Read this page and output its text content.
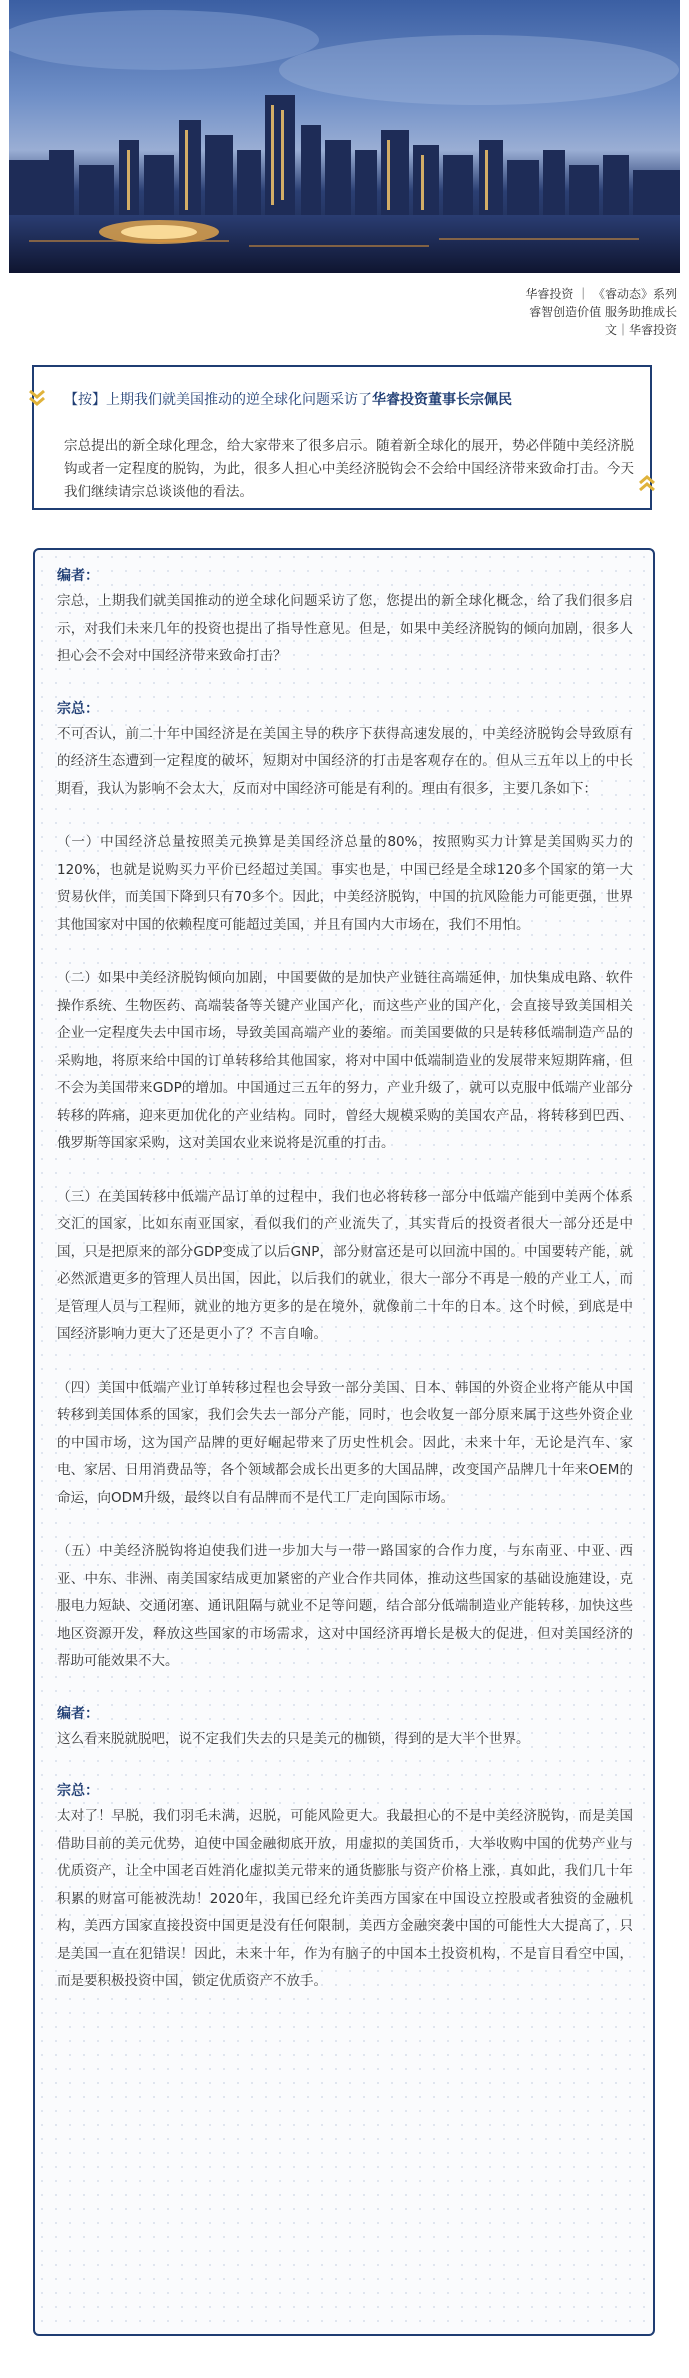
华睿投资 ｜ 《睿动态》系列
睿智创造价值 服务助推成长
文｜华睿投资
【按】上期我们就美国推动的逆全球化问题采访了华睿投资董事长宗佩民
宗总提出的新全球化理念，给大家带来了很多启示。随着新全球化的展开，势必伴随中美经济脱钩或者一定程度的脱钩，为此，很多人担心中美经济脱钩会不会给中国经济带来致命打击。今天我们继续请宗总谈谈他的看法。
编者：

宗总，上期我们就美国推动的逆全球化问题采访了您，您提出的新全球化概念，给了我们很多启示，对我们未来几年的投资也提出了指导性意见。但是，如果中美经济脱钩的倾向加剧，很多人担心会不会对中国经济带来致命打击？

宗总：

不可否认，前二十年中国经济是在美国主导的秩序下获得高速发展的，中美经济脱钩会导致原有的经济生态遭到一定程度的破坏，短期对中国经济的打击是客观存在的。但从三五年以上的中长期看，我认为影响不会太大，反而对中国经济可能是有利的。理由有很多，主要几条如下：

（一）中国经济总量按照美元换算是美国经济总量的80%，按照购买力计算是美国购买力的120%，也就是说购买力平价已经超过美国。事实也是，中国已经是全球120多个国家的第一大贸易伙伴，而美国下降到只有70多个。因此，中美经济脱钩，中国的抗风险能力可能更强，世界其他国家对中国的依赖程度可能超过美国，并且有国内大市场在，我们不用怕。

（二）如果中美经济脱钩倾向加剧，中国要做的是加快产业链往高端延伸，加快集成电路、软件操作系统、生物医药、高端装备等关键产业国产化，而这些产业的国产化，会直接导致美国相关企业一定程度失去中国市场，导致美国高端产业的萎缩。而美国要做的只是转移低端制造产品的采购地，将原来给中国的订单转移给其他国家，将对中国中低端制造业的发展带来短期阵痛，但不会为美国带来GDP的增加。中国通过三五年的努力，产业升级了，就可以克服中低端产业部分转移的阵痛，迎来更加优化的产业结构。同时，曾经大规模采购的美国农产品，将转移到巴西、俄罗斯等国家采购，这对美国农业来说将是沉重的打击。

（三）在美国转移中低端产品订单的过程中，我们也必将转移一部分中低端产能到中美两个体系交汇的国家，比如东南亚国家，看似我们的产业流失了，其实背后的投资者很大一部分还是中国，只是把原来的部分GDP变成了以后GNP，部分财富还是可以回流中国的。中国要转产能，就必然派遣更多的管理人员出国，因此，以后我们的就业，很大一部分不再是一般的产业工人，而是管理人员与工程师，就业的地方更多的是在境外，就像前二十年的日本。这个时候，到底是中国经济影响力更大了还是更小了？不言自喻。

（四）美国中低端产业订单转移过程也会导致一部分美国、日本、韩国的外资企业将产能从中国转移到美国体系的国家，我们会失去一部分产能，同时，也会收复一部分原来属于这些外资企业的中国市场，这为国产品牌的更好崛起带来了历史性机会。因此，未来十年，无论是汽车、家电、家居、日用消费品等，各个领域都会成长出更多的大国品牌，改变国产品牌几十年来OEM的命运，向ODM升级，最终以自有品牌而不是代工厂走向国际市场。

（五）中美经济脱钩将迫使我们进一步加大与一带一路国家的合作力度，与东南亚、中亚、西亚、中东、非洲、南美国家结成更加紧密的产业合作共同体，推动这些国家的基础设施建设，克服电力短缺、交通闭塞、通讯阻隔与就业不足等问题，结合部分低端制造业产能转移，加快这些地区资源开发，释放这些国家的市场需求，这对中国经济再增长是极大的促进，但对美国经济的帮助可能效果不大。

编者：

这么看来脱就脱吧，说不定我们失去的只是美元的枷锁，得到的是大半个世界。

宗总：

太对了！早脱，我们羽毛未满，迟脱，可能风险更大。我最担心的不是中美经济脱钩，而是美国借助目前的美元优势，迫使中国金融彻底开放，用虚拟的美国货币，大举收购中国的优势产业与优质资产，让全中国老百姓消化虚拟美元带来的通货膨胀与资产价格上涨，真如此，我们几十年积累的财富可能被洗劫！2020年，我国已经允许美西方国家在中国设立控股或者独资的金融机构，美西方国家直接投资中国更是没有任何限制，美西方金融突袭中国的可能性大大提高了，只是美国一直在犯错误！因此，未来十年，作为有脑子的中国本土投资机构，不是盲目看空中国，而是要积极投资中国，锁定优质资产不放手。
